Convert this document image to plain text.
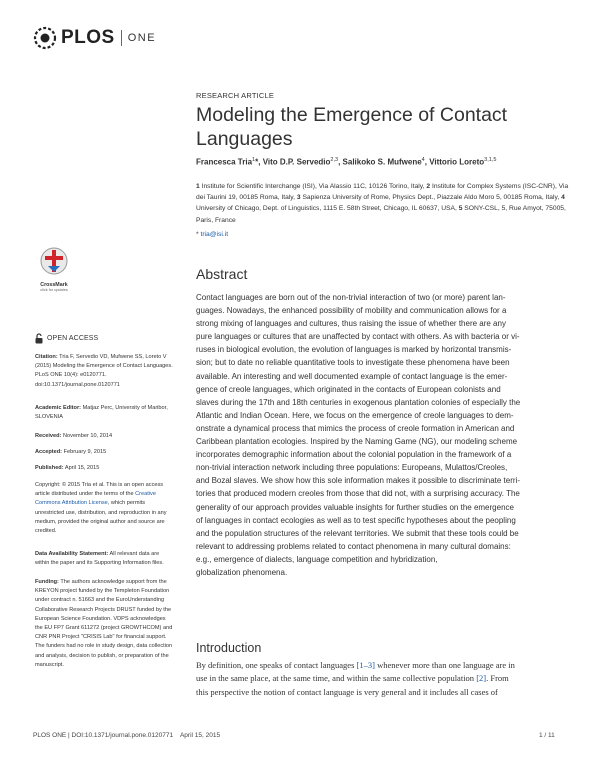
PLOS ONE
RESEARCH ARTICLE
Modeling the Emergence of Contact Languages
Francesca Tria$^1$*, Vito D.P. Servedio$^{2,3}$, Salikoko S. Mufwene$^4$, Vittorio Loreto$^{3,1,5}$
1 Institute for Scientific Interchange (ISI), Via Alassio 11C, 10126 Torino, Italy, 2 Institute for Complex Systems (ISC-CNR), Via dei Taurini 19, 00185 Roma, Italy, 3 Sapienza University of Rome, Physics Dept., Piazzale Aldo Moro 5, 00185 Roma, Italy, 4 University of Chicago, Dept. of Linguistics, 1115 E. 58th Street, Chicago, IL 60637, USA, 5 SONY-CSL, 5, Rue Amyot, 75005, Paris, France
* tria@isi.it
CrossMark
click for updates
OPEN ACCESS
Citation: Tria F, Servedio VD, Mufwene SS, Loreto V (2015) Modeling the Emergence of Contact Languages. PLoS ONE 10(4): e0120771. doi:10.1371/journal.pone.0120771
Academic Editor: Matjaz Perc, University of Maribor, SLOVENIA
Received: November 10, 2014
Accepted: February 9, 2015
Published: April 15, 2015
Copyright: © 2015 Tria et al. This is an open access article distributed under the terms of the Creative Commons Attribution License, which permits unrestricted use, distribution, and reproduction in any medium, provided the original author and source are credited.
Data Availability Statement: All relevant data are within the paper and its Supporting Information files.
Funding: The authors acknowledge support from the KREYON project funded by the Templeton Foundation under contract n. 51663 and the EuroUnderstanding Collaborative Research Projects DRUST funded by the European Science Foundation. VDPS acknowledges the EU FP7 Grant 611272 (project GROWTHCOM) and CNR PNR Project "CRISIS Lab" for financial support. The funders had no role in study design, data collection and analysis, decision to publish, or preparation of the manuscript.
Abstract
Contact languages are born out of the non-trivial interaction of two (or more) parent lan-
guages. Nowadays, the enhanced possibility of mobility and communication allows for a
strong mixing of languages and cultures, thus raising the issue of whether there are any
pure languages or cultures that are unaffected by contact with others. As with bacteria or vi-
ruses in biological evolution, the evolution of languages is marked by horizontal transmis-
sion; but to date no reliable quantitative tools to investigate these phenomena have been
available. An interesting and well documented example of contact language is the emer-
gence of creole languages, which originated in the contacts of European colonists and
slaves during the 17th and 18th centuries in exogenous plantation colonies of especially the
Atlantic and Indian Ocean. Here, we focus on the emergence of creole languages to dem-
onstrate a dynamical process that mimics the process of creole formation in American and
Caribbean plantation ecologies. Inspired by the Naming Game (NG), our modeling scheme
incorporates demographic information about the colonial population in the framework of a
non-trivial interaction network including three populations: Europeans, Mulattos/Creoles,
and Bozal slaves. We show how this sole information makes it possible to discriminate terri-
tories that produced modern creoles from those that did not, with a surprising accuracy. The
generality of our approach provides valuable insights for further studies on the emergence
of languages in contact ecologies as well as to test specific hypotheses about the peopling
and the population structures of the relevant territories. We submit that these tools could be
relevant to addressing problems related to contact phenomena in many cultural domains:
e.g., emergence of dialects, language competition and hybridization,
globalization phenomena.
Introduction
By definition, one speaks of contact languages [1–3] whenever more than one language are in
use in the same place, at the same time, and within the same collective population [2]. From
this perspective the notion of contact language is very general and it includes all cases of
PLOS ONE | DOI:10.1371/journal.pone.0120771    April 15, 2015	1 / 11
